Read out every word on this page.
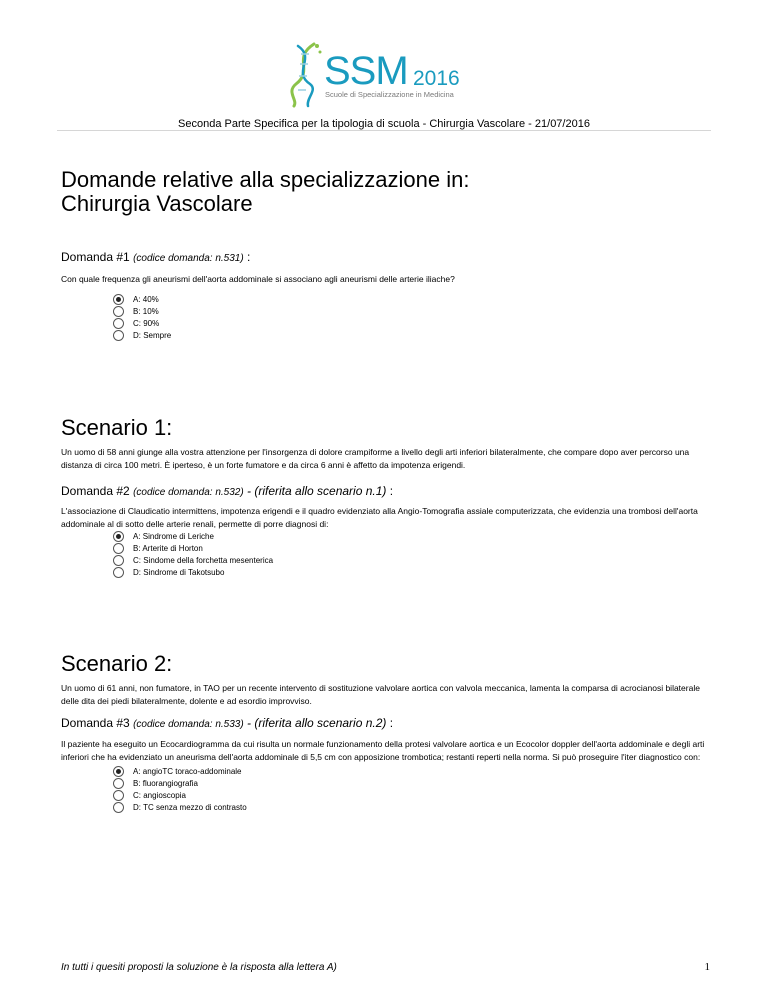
SSM 2016
Scuole di Specializzazione in Medicina
Seconda Parte Specifica per la tipologia di scuola - Chirurgia Vascolare - 21/07/2016
Domande relative alla specializzazione in:
Chirurgia Vascolare
Domanda #1 (codice domanda: n.531) :
Con quale frequenza gli aneurismi dell'aorta addominale si associano agli aneurismi delle arterie iliache?
A: 40%
B: 10%
C: 90%
D: Sempre
Scenario 1:
Un uomo di 58 anni giunge alla vostra attenzione per l'insorgenza di dolore crampiforme a livello degli arti inferiori bilateralmente, che compare dopo aver percorso una distanza di circa 100 metri. È iperteso, è un forte fumatore e da circa 6 anni è affetto da impotenza erigendi.
Domanda #2 (codice domanda: n.532) - (riferita allo scenario n.1) :
L'associazione di Claudicatio intermittens, impotenza erigendi e il quadro evidenziato alla Angio-Tomografia assiale computerizzata, che evidenzia una trombosi dell'aorta addominale al di sotto delle arterie renali, permette di porre diagnosi di:
A: Sindrome di Leriche
B: Arterite di Horton
C: Sindome della forchetta mesenterica
D: Sindrome di Takotsubo
Scenario 2:
Un uomo di 61 anni, non fumatore, in TAO per un recente intervento di sostituzione valvolare aortica con valvola meccanica, lamenta la comparsa di acrocianosi bilaterale delle dita dei piedi bilateralmente, dolente e ad esordio improvviso.
Domanda #3 (codice domanda: n.533) - (riferita allo scenario n.2) :
Il paziente ha eseguito un Ecocardiogramma da cui risulta un normale funzionamento della protesi valvolare aortica e un Ecocolor doppler dell'aorta addominale e degli arti inferiori che ha evidenziato un aneurisma dell'aorta addominale di 5,5 cm con apposizione trombotica; restanti reperti nella norma. Si può proseguire l'iter diagnostico con:
A: angioTC toraco-addominale
B: fluorangiografia
C: angioscopia
D: TC senza mezzo di contrasto
In tutti i quesiti proposti la soluzione è la risposta alla lettera A)	1
